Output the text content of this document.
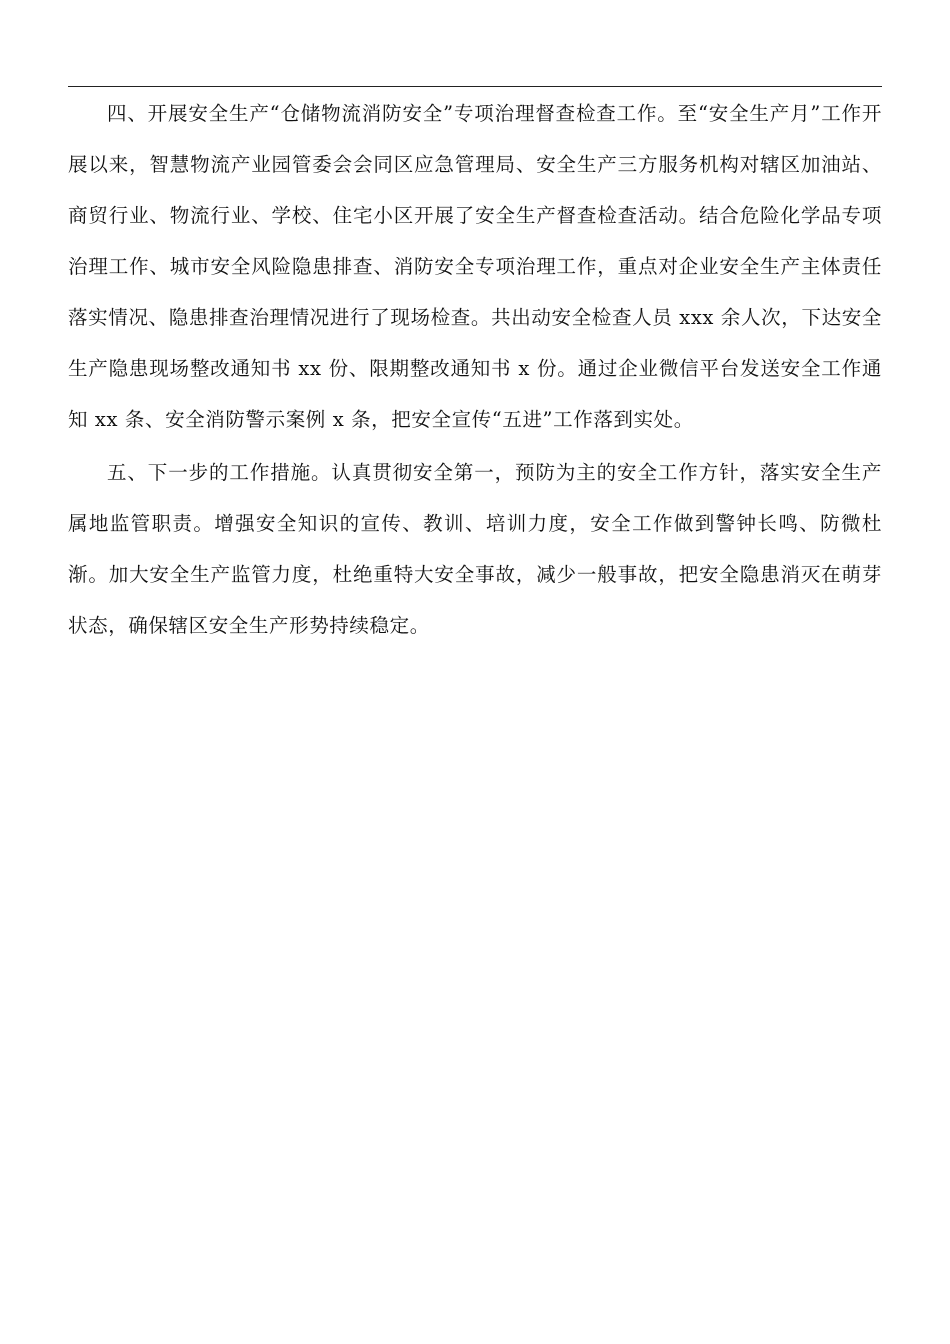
四、开展安全生产“仓储物流消防安全”专项治理督查检查工作。至“安全生产月”工作开展以来，智慧物流产业园管委会会同区应急管理局、安全生产三方服务机构对辖区加油站、商贸行业、物流行业、学校、住宅小区开展了安全生产督查检查活动。结合危险化学品专项治理工作、城市安全风险隐患排查、消防安全专项治理工作，重点对企业安全生产主体责任落实情况、隐患排查治理情况进行了现场检查。共出动安全检查人员 xxx 余人次，下达安全生产隐患现场整改通知书 xx 份、限期整改通知书 x 份。通过企业微信平台发送安全工作通知 xx 条、安全消防警示案例 x 条，把安全宣传“五进”工作落到实处。

五、下一步的工作措施。认真贯彻安全第一，预防为主的安全工作方针，落实安全生产属地监管职责。增强安全知识的宣传、教训、培训力度，安全工作做到警钟长鸣、防微杜渐。加大安全生产监管力度，杜绝重特大安全事故，减少一般事故，把安全隐患消灭在萌芽状态，确保辖区安全生产形势持续稳定。
